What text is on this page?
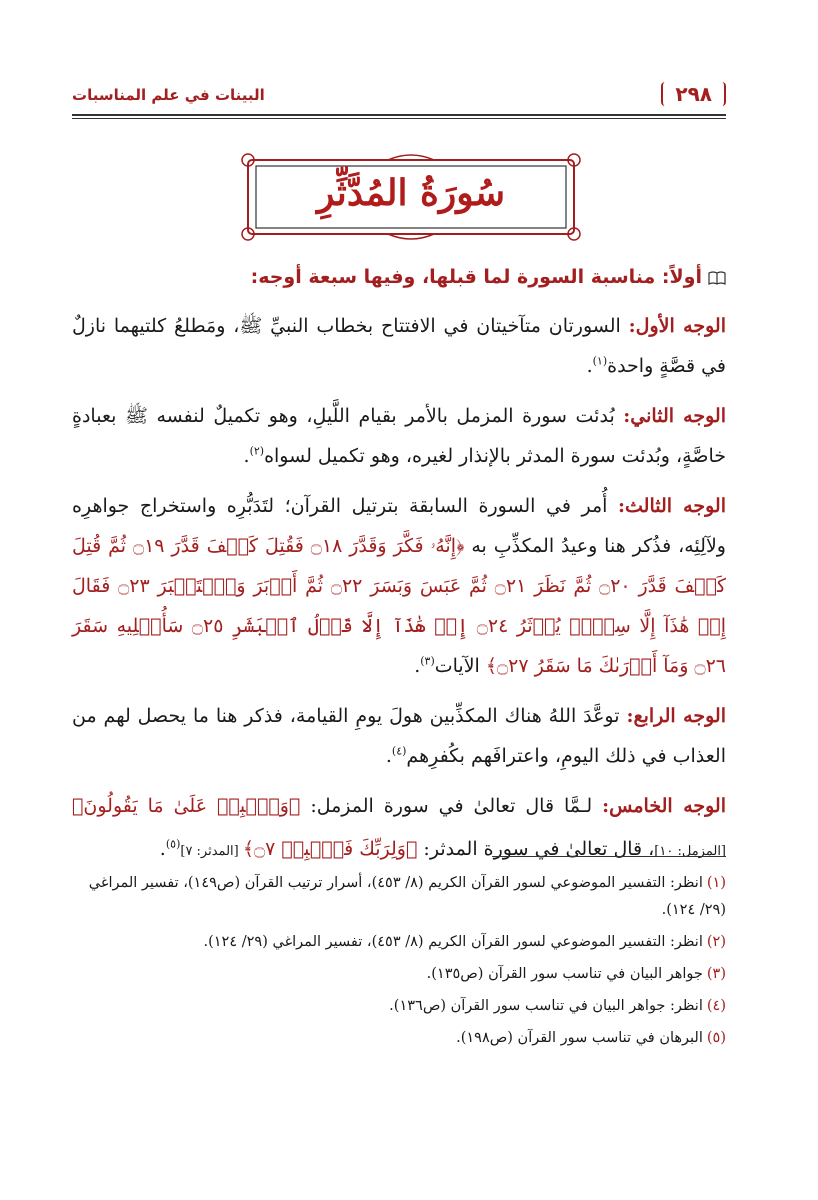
٢٩٨
البينات في علم المناسبات
سُورَةُ المُدَّثِّرِ
أولاً: مناسبة السورة لما قبلها، وفيها سبعة أوجه:

الوجه الأول: السورتان متآخيتان في الافتتاح بخطاب النبيِّ ﷺ، ومَطلعُ كلتيهما نازلٌ في قصَّةٍ واحدة$^{(١)}$.

الوجه الثاني: بُدئت سورة المزمل بالأمر بقيام اللَّيلِ، وهو تكميلٌ لنفسه ﷺ بعبادةٍ خاصَّةٍ، وبُدئت سورة المدثر بالإنذار لغيره، وهو تكميل لسواه$^{(٢)}$.

الوجه الثالث: أُمر في السورة السابقة بترتيل القرآن؛ لتَدَبُّرِه واستخراج جواهرِه ولآلِئِه، فذُكر هنا وعيدُ المكذِّبِ به ﴿إِنَّهُۥ فَكَّرَ وَقَدَّرَ ۝١٨ فَقُتِلَ كَيۡفَ قَدَّرَ ۝١٩ ثُمَّ قُتِلَ كَيۡفَ قَدَّرَ ۝٢٠ ثُمَّ نَظَرَ ۝٢١ ثُمَّ عَبَسَ وَبَسَرَ ۝٢٢ ثُمَّ أَدۡبَرَ وَٱسۡتَكۡبَرَ ۝٢٣ فَقَالَ إِنۡ هَٰذَآ إِلَّا سِحۡرٞ يُؤۡثَرُ ۝٢٤ إِنۡ هَٰذَآ إِلَّا قَوۡلُ ٱلۡبَشَرِ ۝٢٥ سَأُصۡلِيهِ سَقَرَ ۝٢٦ وَمَآ أَدۡرَىٰكَ مَا سَقَرُ ۝٢٧﴾ الآيات$^{(٣)}$.

الوجه الرابع: توعَّدَ اللهُ هناك المكذِّبين هولَ يومِ القيامة، فذكر هنا ما يحصل لهم من العذاب في ذلك اليومِ، واعترافَهم بكُفرِهم$^{(٤)}$.

الوجه الخامس: لـمَّا قال تعالىٰ في سورة المزمل: ﴿وَٱصۡبِرۡ عَلَىٰ مَا يَقُولُونَ﴾ [المزمل: ١٠]، قال تعالىٰ في سورة المدثر: ﴿وَلِرَبِّكَ فَٱصۡبِرۡ ۝٧﴾ [المدثر: ٧]$^{(٥)}$.

(١)انظر: التفسير الموضوعي لسور القرآن الكريم (٨/ ٤٥٣)، أسرار ترتيب القرآن (ص١٤٩)، تفسير المراغي (٢٩/ ١٢٤).
(٢)انظر: التفسير الموضوعي لسور القرآن الكريم (٨/ ٤٥٣)، تفسير المراغي (٢٩/ ١٢٤).
(٣)جواهر البيان في تناسب سور القرآن (ص١٣٥).
(٤)انظر: جواهر البيان في تناسب سور القرآن (ص١٣٦).
(٥)البرهان في تناسب سور القرآن (ص١٩٨).
